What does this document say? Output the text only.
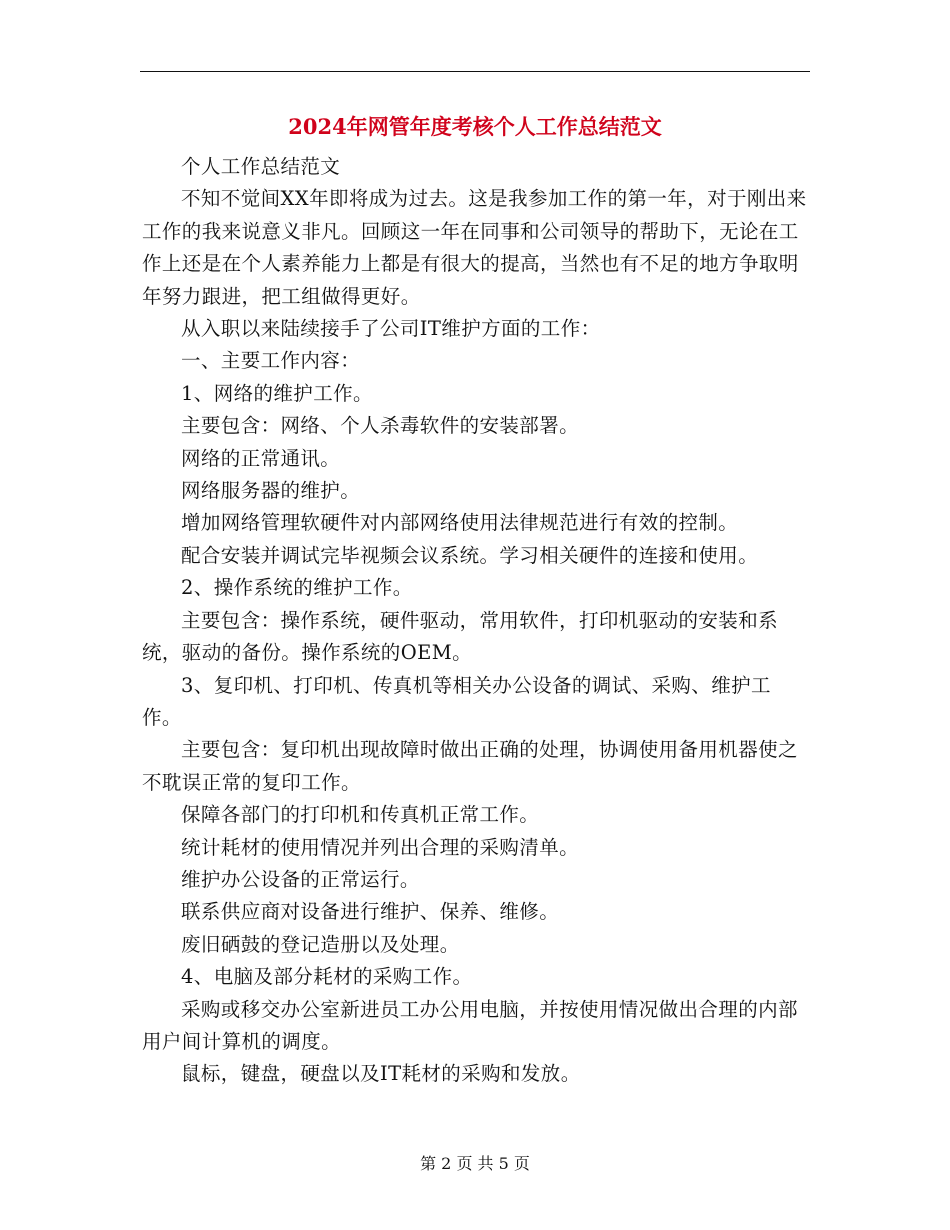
2024年网管年度考核个人工作总结范文

个人工作总结范文

不知不觉间XX年即将成为过去。这是我参加工作的第一年，对于刚出来工作的我来说意义非凡。回顾这一年在同事和公司领导的帮助下，无论在工作上还是在个人素养能力上都是有很大的提高，当然也有不足的地方争取明年努力跟进，把工组做得更好。

从入职以来陆续接手了公司IT维护方面的工作：

一、主要工作内容：

1、网络的维护工作。

主要包含：网络、个人杀毒软件的安装部署。

网络的正常通讯。

网络服务器的维护。

增加网络管理软硬件对内部网络使用法律规范进行有效的控制。

配合安装并调试完毕视频会议系统。学习相关硬件的连接和使用。

2、操作系统的维护工作。

主要包含：操作系统，硬件驱动，常用软件，打印机驱动的安装和系统，驱动的备份。操作系统的OEM。

3、复印机、打印机、传真机等相关办公设备的调试、采购、维护工作。

主要包含：复印机出现故障时做出正确的处理，协调使用备用机器使之不耽误正常的复印工作。

保障各部门的打印机和传真机正常工作。

统计耗材的使用情况并列出合理的采购清单。

维护办公设备的正常运行。

联系供应商对设备进行维护、保养、维修。

废旧硒鼓的登记造册以及处理。

4、电脑及部分耗材的采购工作。

采购或移交办公室新进员工办公用电脑，并按使用情况做出合理的内部用户间计算机的调度。

鼠标，键盘，硬盘以及IT耗材的采购和发放。

第 2 页 共 5 页
